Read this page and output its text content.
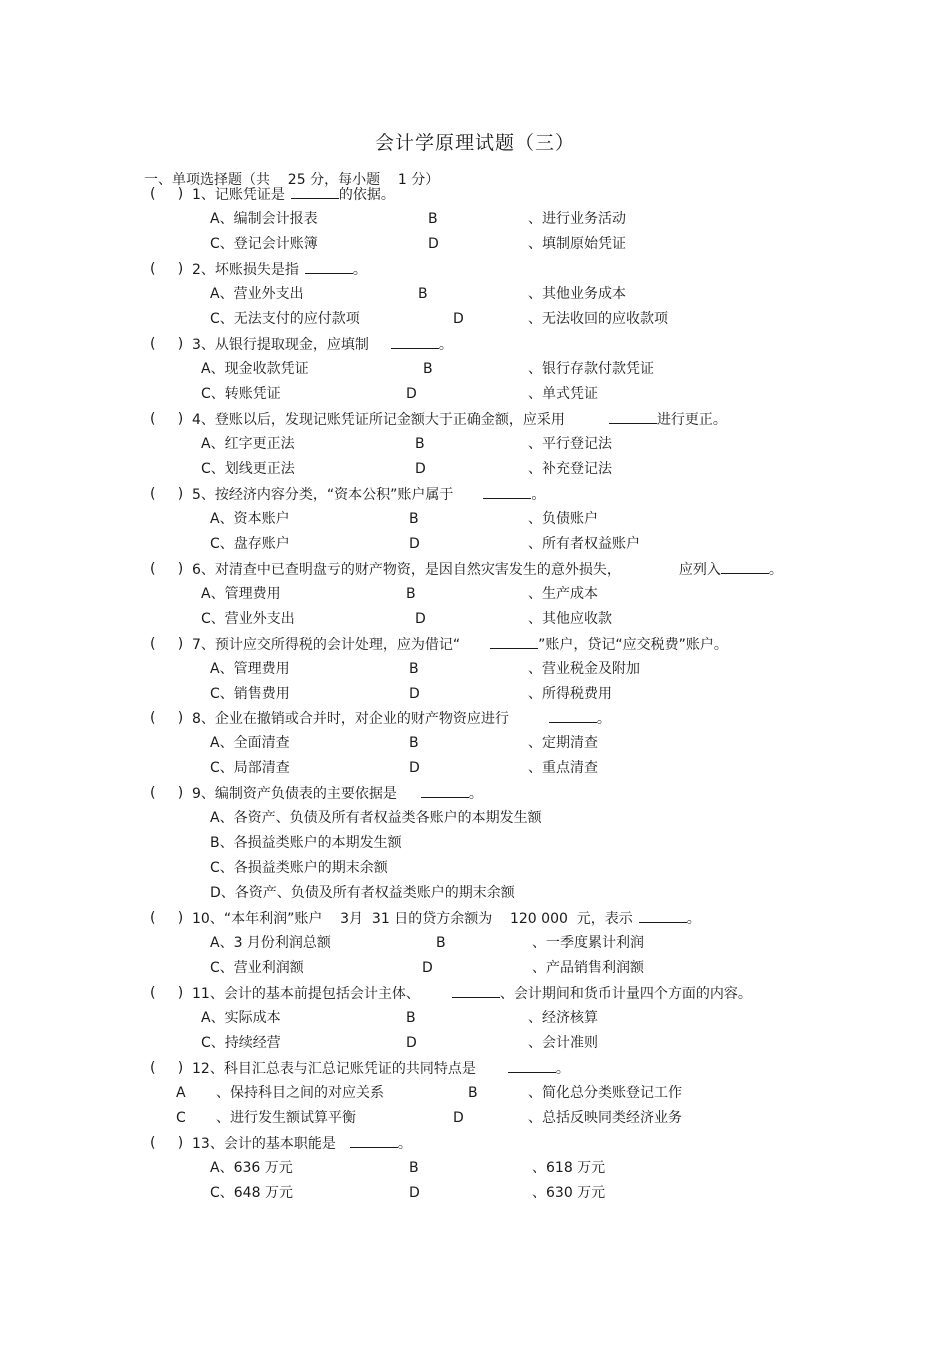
会计学原理试题（三）
一、单项选择题（共    25 分，每小题    1 分）
(     ) 1、记账凭证是	的依据。
A、编制会计报表	B	、进行业务活动
C、登记会计账簿	D	、填制原始凭证
(     ) 2、坏账损失是指	。
A、营业外支出	B	、其他业务成本
C、无法支付的应付款项	D	、无法收回的应收款项
(     ) 3、从银行提取现金，应填制	。
A、现金收款凭证	B	、银行存款付款凭证
C、转账凭证	D	、单式凭证
(     ) 4、登账以后，发现记账凭证所记金额大于正确金额，应采用	进行更正。
A、红字更正法	B	、平行登记法
C、划线更正法	D	、补充登记法
(     ) 5、按经济内容分类，“资本公积”账户属于	。
A、资本账户	B	、负债账户
C、盘存账户	D	、所有者权益账户
(     ) 6、对清查中已查明盘亏的财产物资，是因自然灾害发生的意外损失，	应列入	。
A、管理费用	B	、生产成本
C、营业外支出	D	、其他应收款
(     ) 7、预计应交所得税的会计处理，应为借记“	”账户，贷记“应交税费”账户。
A、管理费用	B	、营业税金及附加
C、销售费用	D	、所得税费用
(     ) 8、企业在撤销或合并时，对企业的财产物资应进行	。
A、全面清查	B	、定期清查
C、局部清查	D	、重点清查
(     ) 9、编制资产负债表的主要依据是	。
A、各资产、负债及所有者权益类各账户的本期发生额
B、各损益类账户的本期发生额
C、各损益类账户的期末余额
D、各资产、负债及所有者权益类账户的期末余额
(     ) 10、“本年利润”账户    3月  31 日的贷方余额为    120 000  元，表示	。
A、3 月份利润总额	B	、一季度累计利润
C、营业利润额	D	、产品销售利润额
(     ) 11、会计的基本前提包括会计主体、	、会计期间和货币计量四个方面的内容。
A、实际成本	B	、经济核算
C、持续经营	D	、会计准则
(     ) 12、科目汇总表与汇总记账凭证的共同特点是	。
A 、保持科目之间的对应关系	B	、简化总分类账登记工作
C 、进行发生额试算平衡	D	、总括反映同类经济业务
(     ) 13、会计的基本职能是	。
A、636 万元	B	、618 万元
C、648 万元	D	、630 万元
